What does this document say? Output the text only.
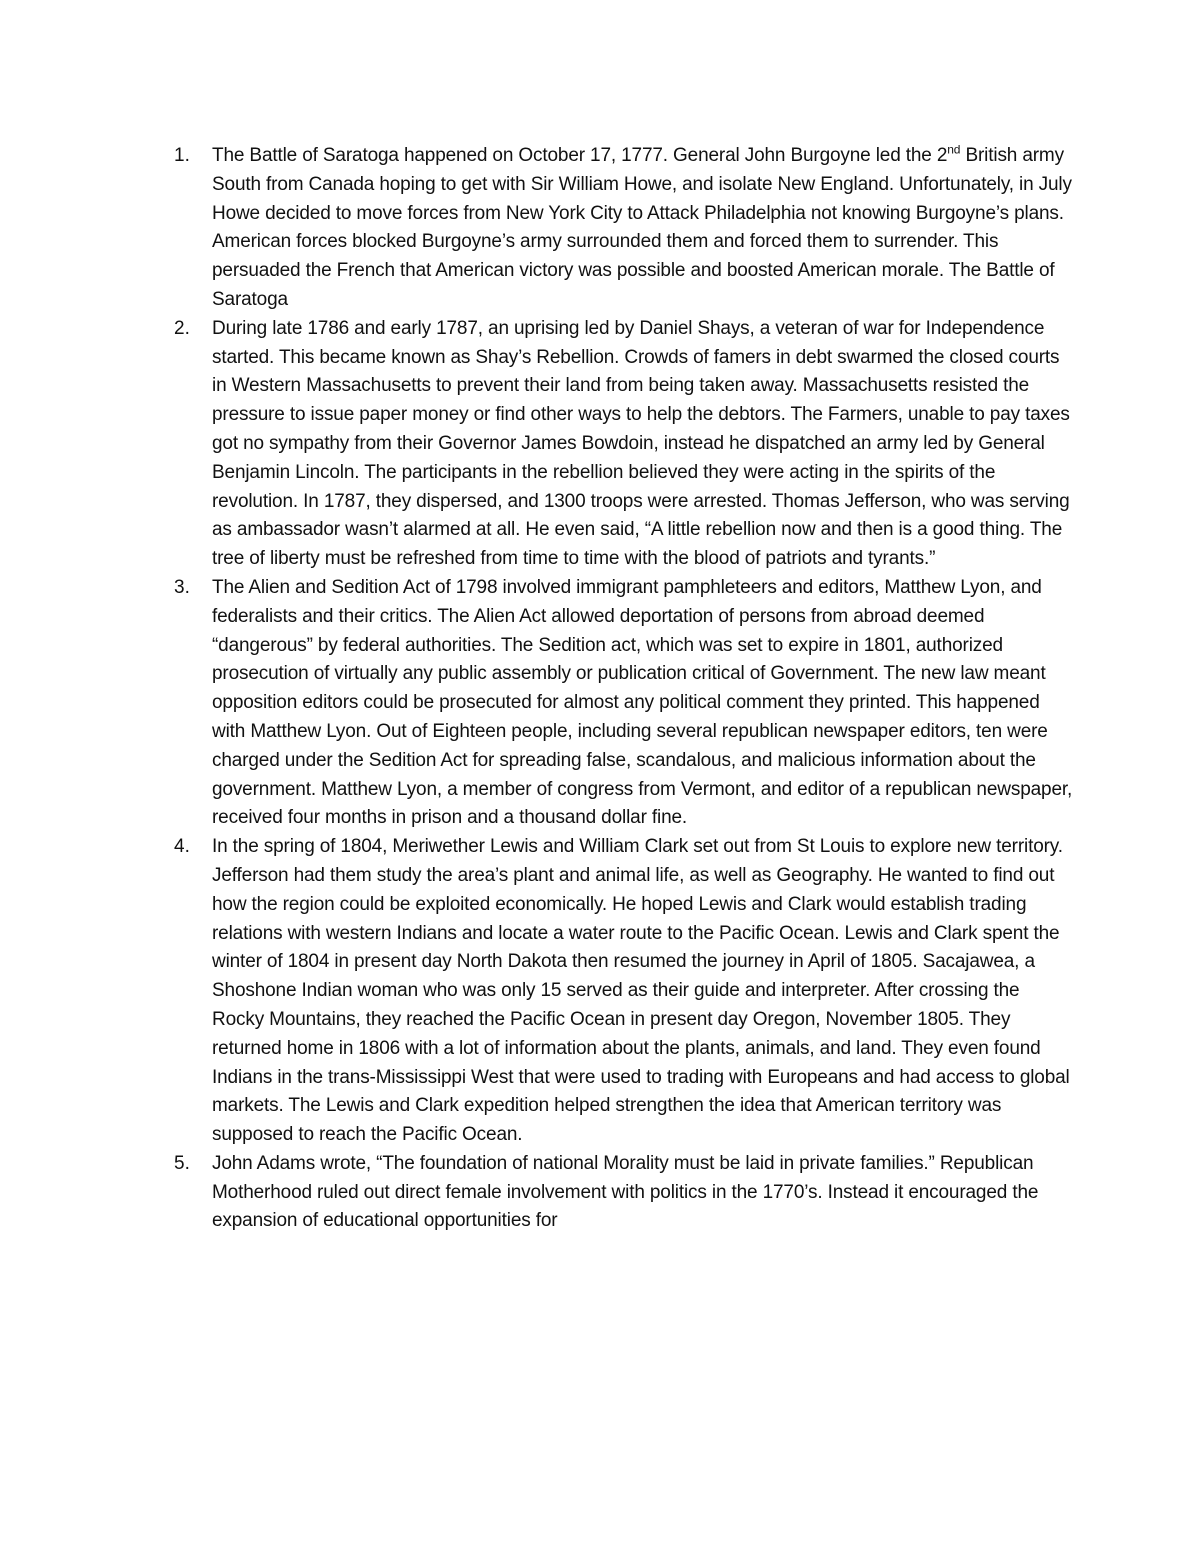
1.	The Battle of Saratoga happened on October 17, 1777. General John Burgoyne led the 2nd British army South from Canada hoping to get with Sir William Howe, and isolate New England. Unfortunately, in July Howe decided to move forces from New York City to Attack Philadelphia not knowing Burgoyne’s plans. American forces blocked Burgoyne’s army surrounded them and forced them to surrender. This persuaded the French that American victory was possible and boosted American morale. The Battle of Saratoga
2.	During late 1786 and early 1787, an uprising led by Daniel Shays, a veteran of war for Independence started. This became known as Shay’s Rebellion. Crowds of famers in debt swarmed the closed courts in Western Massachusetts to prevent their land from being taken away. Massachusetts resisted the pressure to issue paper money or find other ways to help the debtors. The Farmers, unable to pay taxes got no sympathy from their Governor James Bowdoin, instead he dispatched an army led by General Benjamin Lincoln. The participants in the rebellion believed they were acting in the spirits of the revolution. In 1787, they dispersed, and 1300 troops were arrested. Thomas Jefferson, who was serving as ambassador wasn’t alarmed at all. He even said, “A little rebellion now and then is a good thing. The tree of liberty must be refreshed from time to time with the blood of patriots and tyrants.”
3.	The Alien and Sedition Act of 1798 involved immigrant pamphleteers and editors, Matthew Lyon, and federalists and their critics. The Alien Act allowed deportation of persons from abroad deemed “dangerous” by federal authorities. The Sedition act, which was set to expire in 1801, authorized prosecution of virtually any public assembly or publication critical of Government. The new law meant opposition editors could be prosecuted for almost any political comment they printed. This happened with Matthew Lyon. Out of Eighteen people, including several republican newspaper editors, ten were charged under the Sedition Act for spreading false, scandalous, and malicious information about the government. Matthew Lyon, a member of congress from Vermont, and editor of a republican newspaper, received four months in prison and a thousand dollar fine.
4.	In the spring of 1804, Meriwether Lewis and William Clark set out from St Louis to explore new territory. Jefferson had them study the area’s plant and animal life, as well as Geography. He wanted to find out how the region could be exploited economically. He hoped Lewis and Clark would establish trading relations with western Indians and locate a water route to the Pacific Ocean. Lewis and Clark spent the winter of 1804 in present day North Dakota then resumed the journey in April of 1805. Sacajawea, a Shoshone Indian woman who was only 15 served as their guide and interpreter. After crossing the Rocky Mountains, they reached the Pacific Ocean in present day Oregon, November 1805. They returned home in 1806 with a lot of information about the plants, animals, and land. They even found Indians in the trans-Mississippi West that were used to trading with Europeans and had access to global markets. The Lewis and Clark expedition helped strengthen the idea that American territory was supposed to reach the Pacific Ocean.
5.	John Adams wrote, “The foundation of national Morality must be laid in private families.” Republican Motherhood ruled out direct female involvement with politics in the 1770’s. Instead it encouraged the expansion of educational opportunities for
